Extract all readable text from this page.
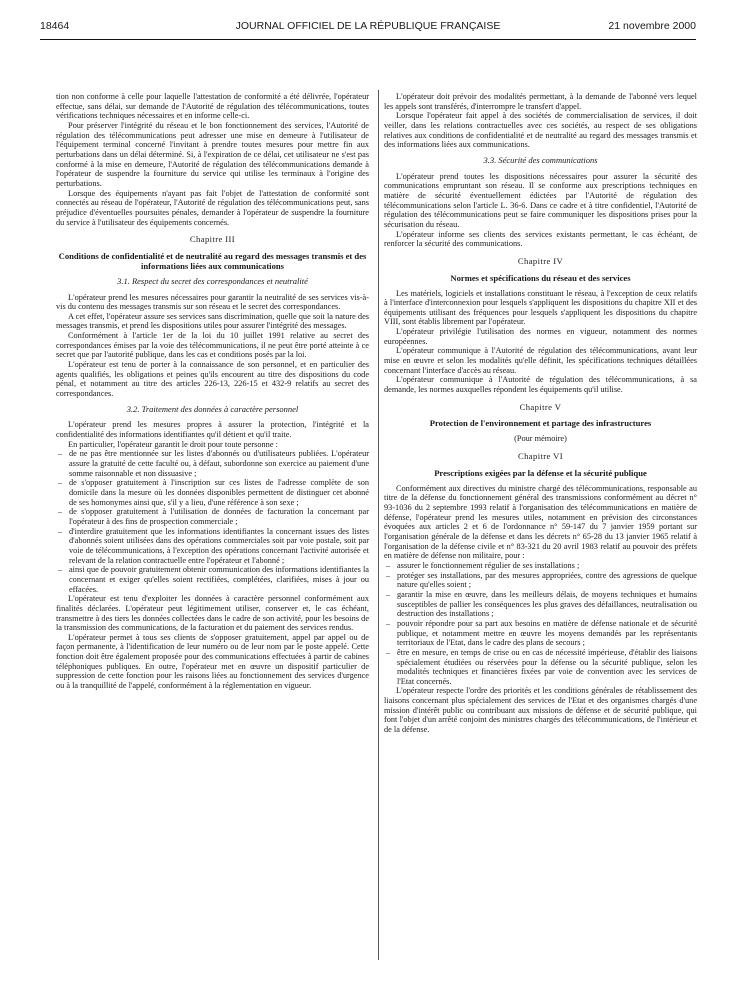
18464	JOURNAL OFFICIEL DE LA RÉPUBLIQUE FRANÇAISE	21 novembre 2000

tion non conforme à celle pour laquelle l'attestation de conformité a été délivrée, l'opérateur effectue, sans délai, sur demande de l'Autorité de régulation des télécommunications, toutes vérifications techniques nécessaires et en informe celle-ci.

Pour préserver l'intégrité du réseau et le bon fonctionnement des services, l'Autorité de régulation des télécommunications peut adresser une mise en demeure à l'utilisateur de l'équipement terminal concerné l'invitant à prendre toutes mesures pour mettre fin aux perturbations dans un délai déterminé. Si, à l'expiration de ce délai, cet utilisateur ne s'est pas conformé à la mise en demeure, l'Autorité de régulation des télécommunications demande à l'opérateur de suspendre la fourniture du service qui utilise les terminaux à l'origine des perturbations.

Lorsque des équipements n'ayant pas fait l'objet de l'attestation de conformité sont connectés au réseau de l'opérateur, l'Autorité de régulation des télécommunications peut, sans préjudice d'éventuelles poursuites pénales, demander à l'opérateur de suspendre la fourniture du service à l'utilisateur des équipements concernés.

Chapitre III
Conditions de confidentialité et de neutralité au regard des messages transmis et des informations liées aux communications
3.1. Respect du secret des correspondances et neutralité

L'opérateur prend les mesures nécessaires pour garantir la neutralité de ses services vis-à-vis du contenu des messages transmis sur son réseau et le secret des correspondances.

A cet effet, l'opérateur assure ses services sans discrimination, quelle que soit la nature des messages transmis, et prend les dispositions utiles pour assurer l'intégrité des messages.

Conformément à l'article 1er de la loi du 10 juillet 1991 relative au secret des correspondances émises par la voie des télécommunications, il ne peut être porté atteinte à ce secret que par l'autorité publique, dans les cas et conditions posés par la loi.

L'opérateur est tenu de porter à la connaissance de son personnel, et en particulier des agents qualifiés, les obligations et peines qu'ils encourent au titre des dispositions du code pénal, et notamment au titre des articles 226-13, 226-15 et 432-9 relatifs au secret des correspondances.

3.2. Traitement des données à caractère personnel

L'opérateur prend les mesures propres à assurer la protection, l'intégrité et la confidentialité des informations identifiantes qu'il détient et qu'il traite.

En particulier, l'opérateur garantit le droit pour toute personne :

– de ne pas être mentionnée sur les listes d'abonnés ou d'utilisateurs publiées. L'opérateur assure la gratuité de cette faculté ou, à défaut, subordonne son exercice au paiement d'une somme raisonnable et non dissuasive ;
– de s'opposer gratuitement à l'inscription sur ces listes de l'adresse complète de son domicile dans la mesure où les données disponibles permettent de distinguer cet abonné de ses homonymes ainsi que, s'il y a lieu, d'une référence à son sexe ;
– de s'opposer gratuitement à l'utilisation de données de facturation la concernant par l'opérateur à des fins de prospection commerciale ;
– d'interdire gratuitement que les informations identifiantes la concernant issues des listes d'abonnés soient utilisées dans des opérations commerciales soit par voie postale, soit par voie de télécommunications, à l'exception des opérations concernant l'activité autorisée et relevant de la relation contractuelle entre l'opérateur et l'abonné ;
– ainsi que de pouvoir gratuitement obtenir communication des informations identifiantes la concernant et exiger qu'elles soient rectifiées, complétées, clarifiées, mises à jour ou effacées.

L'opérateur est tenu d'exploiter les données à caractère personnel conformément aux finalités déclarées. L'opérateur peut légitimement utiliser, conserver et, le cas échéant, transmettre à des tiers les données collectées dans le cadre de son activité, pour les besoins de la transmission des communications, de la facturation et du paiement des services rendus.

L'opérateur permet à tous ses clients de s'opposer gratuitement, appel par appel ou de façon permanente, à l'identification de leur numéro ou de leur nom par le poste appelé. Cette fonction doit être également proposée pour des communications effectuées à partir de cabines téléphoniques publiques. En outre, l'opérateur met en œuvre un dispositif particulier de suppression de cette fonction pour les raisons liées au fonctionnement des services d'urgence ou à la tranquillité de l'appelé, conformément à la réglementation en vigueur.

L'opérateur doit prévoir des modalités permettant, à la demande de l'abonné vers lequel les appels sont transférés, d'interrompre le transfert d'appel.

Lorsque l'opérateur fait appel à des sociétés de commercialisation de services, il doit veiller, dans les relations contractuelles avec ces sociétés, au respect de ses obligations relatives aux conditions de confidentialité et de neutralité au regard des messages transmis et des informations liées aux communications.

3.3. Sécurité des communications

L'opérateur prend toutes les dispositions nécessaires pour assurer la sécurité des communications empruntant son réseau. Il se conforme aux prescriptions techniques en matière de sécurité éventuellement édictées par l'Autorité de régulation des télécommunications selon l'article L. 36-6. Dans ce cadre et à titre confidentiel, l'Autorité de régulation des télécommunications peut se faire communiquer les dispositions prises pour la sécurisation du réseau.

L'opérateur informe ses clients des services existants permettant, le cas échéant, de renforcer la sécurité des communications.

Chapitre IV
Normes et spécifications du réseau et des services

Les matériels, logiciels et installations constituant le réseau, à l'exception de ceux relatifs à l'interface d'interconnexion pour lesquels s'appliquent les dispositions du chapitre XII et des équipements utilisant des fréquences pour lesquels s'appliquent les dispositions du chapitre VIII, sont établis librement par l'opérateur.

L'opérateur privilégie l'utilisation des normes en vigueur, notamment des normes européennes.

L'opérateur communique à l'Autorité de régulation des télécommunications, avant leur mise en œuvre et selon les modalités qu'elle définit, les spécifications techniques détaillées concernant l'interface d'accès au réseau.

L'opérateur communique à l'Autorité de régulation des télécommunications, à sa demande, les normes auxquelles répondent les équipements qu'il utilise.

Chapitre V
Protection de l'environnement et partage des infrastructures
(Pour mémoire)
Chapitre VI
Prescriptions exigées par la défense et la sécurité publique

Conformément aux directives du ministre chargé des télécommunications, responsable au titre de la défense du fonctionnement général des transmissions conformément au décret n° 93-1036 du 2 septembre 1993 relatif à l'organisation des télécommunications en matière de défense, l'opérateur prend les mesures utiles, notamment en prévision des circonstances évoquées aux articles 2 et 6 de l'ordonnance n° 59-147 du 7 janvier 1959 portant sur l'organisation générale de la défense et dans les décrets n° 65-28 du 13 janvier 1965 relatif à l'organisation de la défense civile et n° 83-321 du 20 avril 1983 relatif au pouvoir des préfets en matière de défense non militaire, pour :

– assurer le fonctionnement régulier de ses installations ;
– protéger ses installations, par des mesures appropriées, contre des agressions de quelque nature qu'elles soient ;
– garantir la mise en œuvre, dans les meilleurs délais, de moyens techniques et humains susceptibles de pallier les conséquences les plus graves des défaillances, neutralisation ou destruction des installations ;
– pouvoir répondre pour sa part aux besoins en matière de défense nationale et de sécurité publique, et notamment mettre en œuvre les moyens demandés par les représentants territoriaux de l'Etat, dans le cadre des plans de secours ;
– être en mesure, en temps de crise ou en cas de nécessité impérieuse, d'établir des liaisons spécialement étudiées ou réservées pour la défense ou la sécurité publique, selon les modalités techniques et financières fixées par voie de convention avec les services de l'Etat concernés.

L'opérateur respecte l'ordre des priorités et les conditions générales de rétablissement des liaisons concernant plus spécialement des services de l'Etat et des organismes chargés d'une mission d'intérêt public ou contribuant aux missions de défense et de sécurité publique, qui font l'objet d'un arrêté conjoint des ministres chargés des télécommunications, de l'intérieur et de la défense.
